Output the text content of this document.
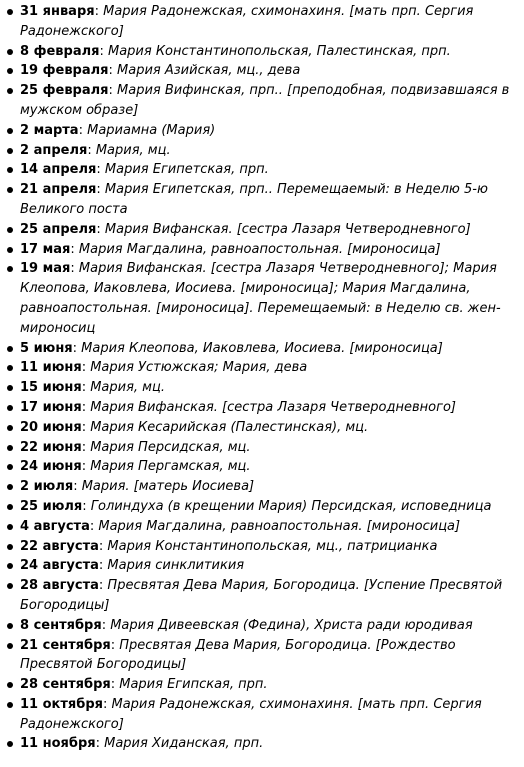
31 января: Мария Радонежская, схимонахиня. [мать прп. Сергия Радонежского]
8 февраля: Мария Константинопольская, Палестинская, прп.
19 февраля: Мария Азийская, мц., дева
25 февраля: Мария Вифинская, прп.. [преподобная, подвизавшаяся в мужском образе]
2 марта: Мариамна (Мария)
2 апреля: Мария, мц.
14 апреля: Мария Египетская, прп.
21 апреля: Мария Египетская, прп.. Перемещаемый: в Неделю 5-ю Великого поста
25 апреля: Мария Вифанская. [сестра Лазаря Четверодневного]
17 мая: Мария Магдалина, равноапостольная. [мироносица]
19 мая: Мария Вифанская. [сестра Лазаря Четверодневного]; Мария Клеопова, Иаковлева, Иосиева. [мироносица]; Мария Магдалина, равноапостольная. [мироносица]. Перемещаемый: в Неделю св. жен-мироносиц
5 июня: Мария Клеопова, Иаковлева, Иосиева. [мироносица]
11 июня: Мария Устюжская; Мария, дева
15 июня: Мария, мц.
17 июня: Мария Вифанская. [сестра Лазаря Четверодневного]
20 июня: Мария Кесарийская (Палестинская), мц.
22 июня: Мария Персидская, мц.
24 июня: Мария Пергамская, мц.
2 июля: Мария. [матерь Иосиева]
25 июля: Голиндуха (в крещении Мария) Персидская, исповедница
4 августа: Мария Магдалина, равноапостольная. [мироносица]
22 августа: Мария Константинопольская, мц., патрицианка
24 августа: Мария синклитикия
28 августа: Пресвятая Дева Мария, Богородица. [Успение Пресвятой Богородицы]
8 сентября: Мария Дивеевская (Федина), Христа ради юродивая
21 сентября: Пресвятая Дева Мария, Богородица. [Рождество Пресвятой Богородицы]
28 сентября: Мария Египская, прп.
11 октября: Мария Радонежская, схимонахиня. [мать прп. Сергия Радонежского]
11 ноября: Мария Хиданская, прп.
